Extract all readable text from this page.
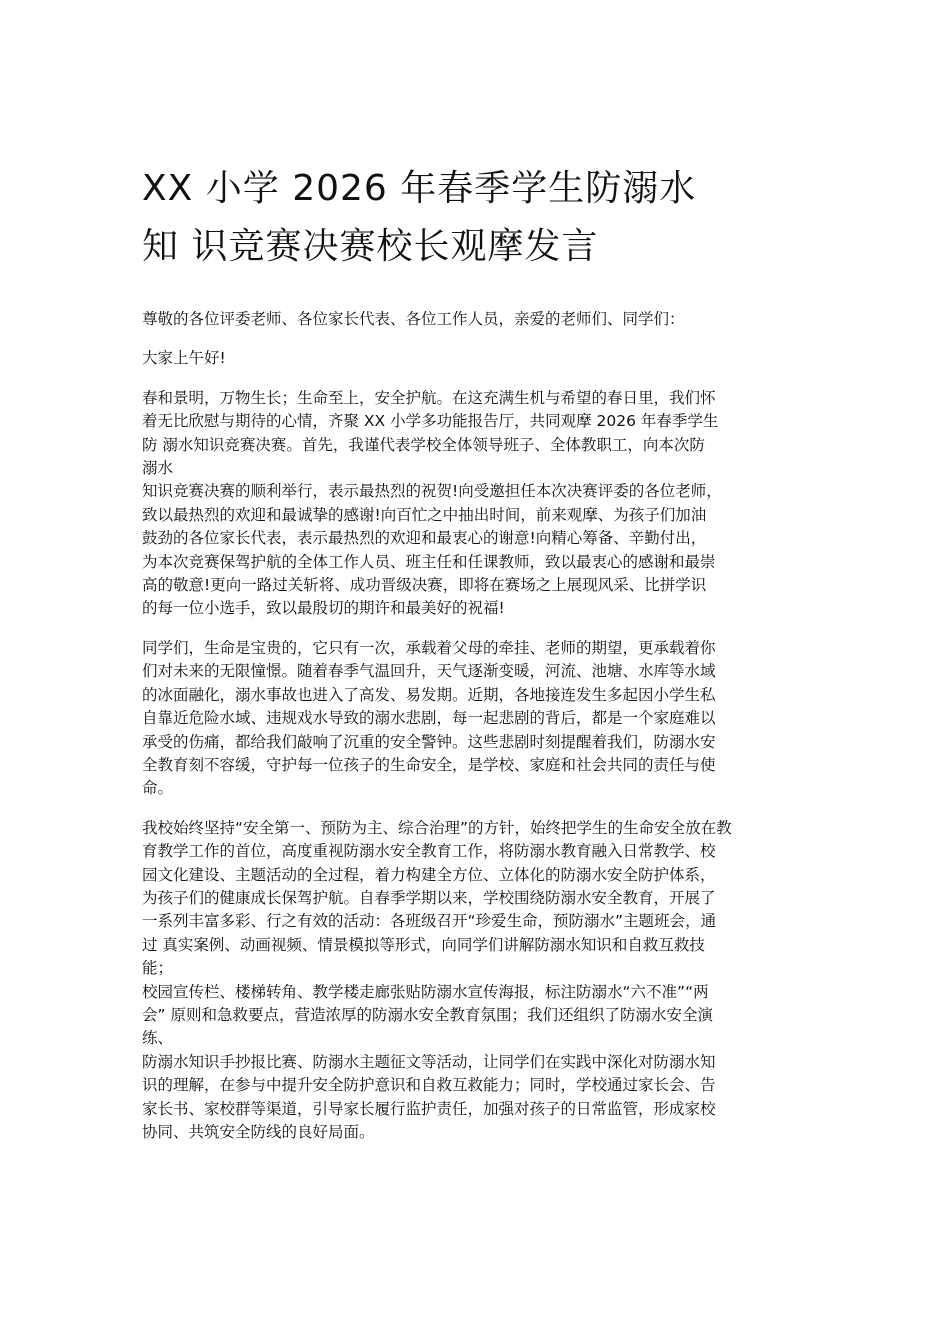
XX 小学 2026 年春季学生防溺水
知 识竞赛决赛校长观摩发言
尊敬的各位评委老师、各位家长代表、各位工作人员，亲爱的老师们、同学们：
大家上午好!
春和景明，万物生长；生命至上，安全护航。在这充满生机与希望的春日里，我们怀
着无比欣慰与期待的心情，齐聚 XX 小学多功能报告厅，共同观摩 2026 年春季学生
防 溺水知识竞赛决赛。首先，我谨代表学校全体领导班子、全体教职工，向本次防
溺水
知识竞赛决赛的顺利举行，表示最热烈的祝贺!向受邀担任本次决赛评委的各位老师，
致以最热烈的欢迎和最诚挚的感谢!向百忙之中抽出时间，前来观摩、为孩子们加油
鼓劲的各位家长代表，表示最热烈的欢迎和最衷心的谢意!向精心筹备、辛勤付出，
为本次竞赛保驾护航的全体工作人员、班主任和任课教师，致以最衷心的感谢和最崇
高的敬意!更向一路过关斩将、成功晋级决赛，即将在赛场之上展现风采、比拼学识
的每一位小选手，致以最殷切的期许和最美好的祝福!
同学们，生命是宝贵的，它只有一次，承载着父母的牵挂、老师的期望，更承载着你
们对未来的无限憧憬。随着春季气温回升，天气逐渐变暖，河流、池塘、水库等水域
的冰面融化，溺水事故也进入了高发、易发期。近期，各地接连发生多起因小学生私
自靠近危险水域、违规戏水导致的溺水悲剧，每一起悲剧的背后，都是一个家庭难以
承受的伤痛，都给我们敲响了沉重的安全警钟。这些悲剧时刻提醒着我们，防溺水安
全教育刻不容缓，守护每一位孩子的生命安全，是学校、家庭和社会共同的责任与使
命。
我校始终坚持“安全第一、预防为主、综合治理”的方针，始终把学生的生命安全放在教
育教学工作的首位，高度重视防溺水安全教育工作，将防溺水教育融入日常教学、校
园文化建设、主题活动的全过程，着力构建全方位、立体化的防溺水安全防护体系，
为孩子们的健康成长保驾护航。自春季学期以来，学校围绕防溺水安全教育，开展了
一系列丰富多彩、行之有效的活动：各班级召开“珍爱生命，预防溺水”主题班会，通
过 真实案例、动画视频、情景模拟等形式，向同学们讲解防溺水知识和自救互救技
能；
校园宣传栏、楼梯转角、教学楼走廊张贴防溺水宣传海报，标注防溺水“六不准”“两
会” 原则和急救要点，营造浓厚的防溺水安全教育氛围；我们还组织了防溺水安全演
练、
防溺水知识手抄报比赛、防溺水主题征文等活动，让同学们在实践中深化对防溺水知
识的理解，在参与中提升安全防护意识和自救互救能力；同时，学校通过家长会、告
家长书、家校群等渠道，引导家长履行监护责任，加强对孩子的日常监管，形成家校
协同、共筑安全防线的良好局面。
